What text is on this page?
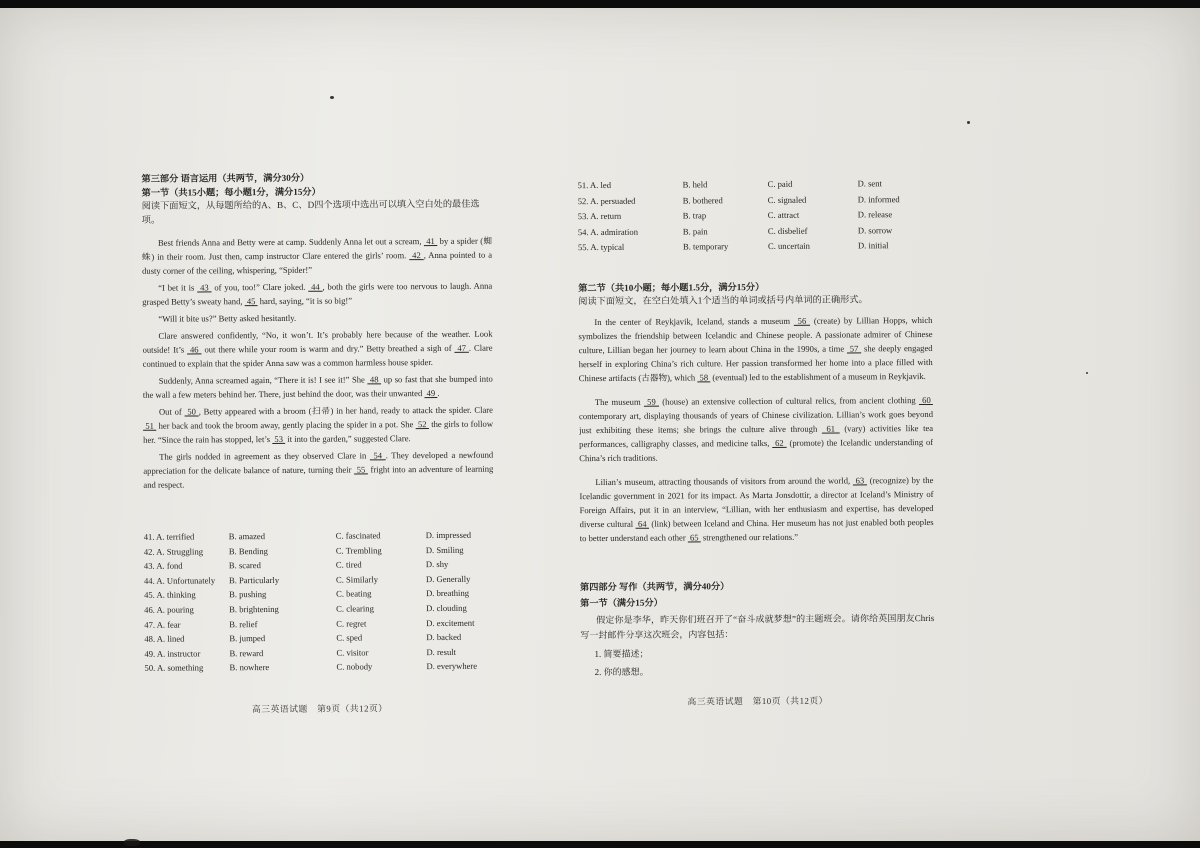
第三部分 语言运用（共两节，满分30分）
第一节（共15小题；每小题1分，满分15分）
阅读下面短文，从每题所给的A、B、C、D四个选项中选出可以填入空白处的最佳选项。

Best friends Anna and Betty were at camp. Suddenly Anna let out a scream,  41  by a spider (蜘蛛) in their room. Just then, camp instructor Clare entered the girls’ room.  42 , Anna pointed to a dusty corner of the ceiling, whispering, “Spider!”

“I bet it is  43  of you, too!” Clare joked.  44 , both the girls were too nervous to laugh. Anna grasped Betty’s sweaty hand,  45  hard, saying, “it is so big!”

“Will it bite us?” Betty asked hesitantly.

Clare answered confidently, “No, it won’t. It’s probably here because of the weather. Look outside! It’s  46  out there while your room is warm and dry.” Betty breathed a sigh of  47 . Clare continued to explain that the spider Anna saw was a common harmless house spider.

Suddenly, Anna screamed again, “There it is! I see it!” She  48  up so fast that she bumped into the wall a few meters behind her. There, just behind the door, was their unwanted  49 .

Out of  50 , Betty appeared with a broom (扫帚) in her hand, ready to attack the spider. Clare  51  her back and took the broom away, gently placing the spider in a pot. She  52  the girls to follow her. “Since the rain has stopped, let’s  53  it into the garden,” suggested Clare.

The girls nodded in agreement as they observed Clare in  54 . They developed a newfound appreciation for the delicate balance of nature, turning their  55  fright into an adventure of learning and respect.

41. A. terrified	B. amazed	C. fascinated	D. impressed
42. A. Struggling	B. Bending	C. Trembling	D. Smiling
43. A. fond	B. scared	C. tired	D. shy
44. A. Unfortunately	B. Particularly	C. Similarly	D. Generally
45. A. thinking	B. pushing	C. beating	D. breathing
46. A. pouring	B. brightening	C. clearing	D. clouding
47. A. fear	B. relief	C. regret	D. excitement
48. A. lined	B. jumped	C. sped	D. backed
49. A. instructor	B. reward	C. visitor	D. result
50. A. something	B. nowhere	C. nobody	D. everywhere
高三英语试题　第9页（共12页）
51. A. led	B. held	C. paid	D. sent
52. A. persuaded	B. bothered	C. signaled	D. informed
53. A. return	B. trap	C. attract	D. release
54. A. admiration	B. pain	C. disbelief	D. sorrow
55. A. typical	B. temporary	C. uncertain	D. initial
第二节（共10小题；每小题1.5分，满分15分）
阅读下面短文，在空白处填入1个适当的单词或括号内单词的正确形式。

In the center of Reykjavik, Iceland, stands a museum  56  (create) by Lillian Hopps, which symbolizes the friendship between Icelandic and Chinese people. A passionate admirer of Chinese culture, Lillian began her journey to learn about China in the 1990s, a time  57  she deeply engaged herself in exploring China’s rich culture. Her passion transformed her home into a place filled with Chinese artifacts (古器物), which  58  (eventual) led to the establishment of a museum in Reykjavik.

The museum  59  (house) an extensive collection of cultural relics, from ancient clothing  60  contemporary art, displaying thousands of years of Chinese civilization. Lillian’s work goes beyond just exhibiting these items; she brings the culture alive through  61  (vary) activities like tea performances, calligraphy classes, and medicine talks,  62  (promote) the Icelandic understanding of China’s rich traditions.

Lilian’s museum, attracting thousands of visitors from around the world,  63  (recognize) by the Icelandic government in 2021 for its impact. As Marta Jonsdottir, a director at Iceland’s Ministry of Foreign Affairs, put it in an interview, “Lillian, with her enthusiasm and expertise, has developed diverse cultural  64  (link) between Iceland and China. Her museum has not just enabled both peoples to better understand each other  65  strengthened our relations.”

第四部分 写作（共两节，满分40分）
第一节（满分15分）
假定你是李华，昨天你们班召开了“奋斗成就梦想”的主题班会。请你给英国朋友Chris写一封邮件分享这次班会，内容包括：
1. 简要描述；
2. 你的感想。
高三英语试题　第10页（共12页）
